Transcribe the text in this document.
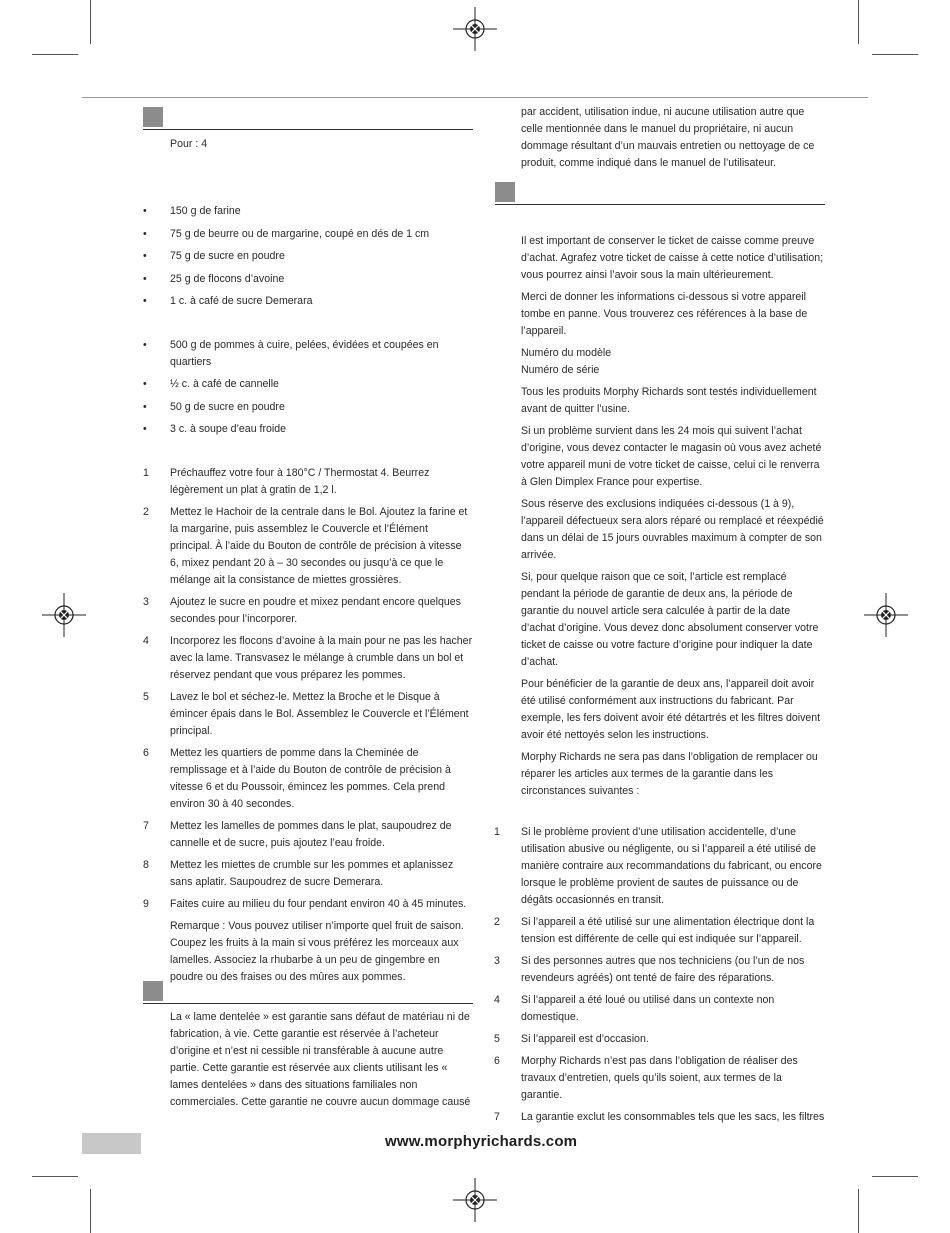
Pour : 4
•	150 g de farine
•	75 g de beurre ou de margarine, coupé en dés de 1 cm
•	75 g de sucre en poudre
•	25 g de flocons d’avoine
•	1 c. à café de sucre Demerara
•	500 g de pommes à cuire, pelées, évidées et coupées en quartiers
•	½ c. à café de cannelle
•	50 g de sucre en poudre
•	3 c. à soupe d’eau froide
1 Préchauffez votre four à 180°C / Thermostat 4. Beurrez légèrement un plat à gratin de 1,2 l.
2 Mettez le Hachoir de la centrale dans le Bol. Ajoutez la farine et la margarine, puis assemblez le Couvercle et l’Élément principal. À l’aide du Bouton de contrôle de précision à vitesse 6, mixez pendant 20 à – 30 secondes ou jusqu’à ce que le mélange ait la consistance de miettes grossières.
3 Ajoutez le sucre en poudre et mixez pendant encore quelques secondes pour l’incorporer.
4 Incorporez les flocons d’avoine à la main pour ne pas les hacher avec la lame. Transvasez le mélange à crumble dans un bol et réservez pendant que vous préparez les pommes.
5 Lavez le bol et séchez-le. Mettez la Broche et le Disque à émincer épais dans le Bol. Assemblez le Couvercle et l’Élément principal.
6 Mettez les quartiers de pomme dans la Cheminée de remplissage et à l’aide du Bouton de contrôle de précision à vitesse 6 et du Poussoir, émincez les pommes. Cela prend environ 30 à 40 secondes.
7 Mettez les lamelles de pommes dans le plat, saupoudrez de cannelle et de sucre, puis ajoutez l’eau froide.
8 Mettez les miettes de crumble sur les pommes et aplanissez sans aplatir. Saupoudrez de sucre Demerara.
9 Faites cuire au milieu du four pendant environ 40 à 45 minutes.
Remarque : Vous pouvez utiliser n’importe quel fruit de saison. Coupez les fruits à la main si vous préférez les morceaux aux lamelles. Associez la rhubarbe à un peu de gingembre en poudre ou des fraises ou des mûres aux pommes.
La « lame dentelée » est garantie sans défaut de matériau ni de fabrication, à vie. Cette garantie est réservée à l’acheteur d’origine et n’est ni cessible ni transférable à aucune autre partie. Cette garantie est réservée aux clients utilisant les « lames dentelées » dans des situations familiales non commerciales. Cette garantie ne couvre aucun dommage causé
par accident, utilisation indue, ni aucune utilisation autre que celle mentionnée dans le manuel du propriétaire, ni aucun dommage résultant d’un mauvais entretien ou nettoyage de ce produit, comme indiqué dans le manuel de l’utilisateur.

Il est important de conserver le ticket de caisse comme preuve d’achat. Agrafez votre ticket de caisse à cette notice d’utilisation; vous pourrez ainsi l’avoir sous la main ultérieurement.

Merci de donner les informations ci-dessous si votre appareil tombe en panne. Vous trouverez ces références à la base de l’appareil.

Numéro du modèle
Numéro de série

Tous les produits Morphy Richards sont testés individuellement avant de quitter l’usine.

Si un problème survient dans les 24 mois qui suivent l’achat d’origine, vous devez contacter le magasin où vous avez acheté votre appareil muni de votre ticket de caisse, celui ci le renverra à Glen Dimplex France pour expertise.

Sous réserve des exclusions indiquées ci-dessous (1 à 9), l’appareil défectueux sera alors réparé ou remplacé et réexpédié dans un délai de 15 jours ouvrables maximum à compter de son arrivée.

Si, pour quelque raison que ce soit, l’article est remplacé pendant la période de garantie de deux ans, la période de garantie du nouvel article sera calculée à partir de la date d’achat d’origine. Vous devez donc absolument conserver votre ticket de caisse ou votre facture d’origine pour indiquer la date d’achat.

Pour bénéficier de la garantie de deux ans, l’appareil doit avoir été utilisé conformément aux instructions du fabricant. Par exemple, les fers doivent avoir été détartrés et les filtres doivent avoir été nettoyés selon les instructions.

Morphy Richards ne sera pas dans l’obligation de remplacer ou réparer les articles aux termes de la garantie dans les circonstances suivantes :

1 Si le problème provient d’une utilisation accidentelle, d’une utilisation abusive ou négligente, ou si l’appareil a été utilisé de manière contraire aux recommandations du fabricant, ou encore lorsque le problème provient de sautes de puissance ou de dégâts occasionnés en transit.
2 Si l’appareil a été utilisé sur une alimentation électrique dont la tension est différente de celle qui est indiquée sur l’appareil.
3 Si des personnes autres que nos techniciens (ou l’un de nos revendeurs agréés) ont tenté de faire des réparations.
4 Si l’appareil a été loué ou utilisé dans un contexte non domestique.
5 Si l’appareil est d’occasion.
6 Morphy Richards n’est pas dans l’obligation de réaliser des travaux d’entretien, quels qu’ils soient, aux termes de la garantie.
7 La garantie exclut les consommables tels que les sacs, les filtres
www.morphyrichards.com
